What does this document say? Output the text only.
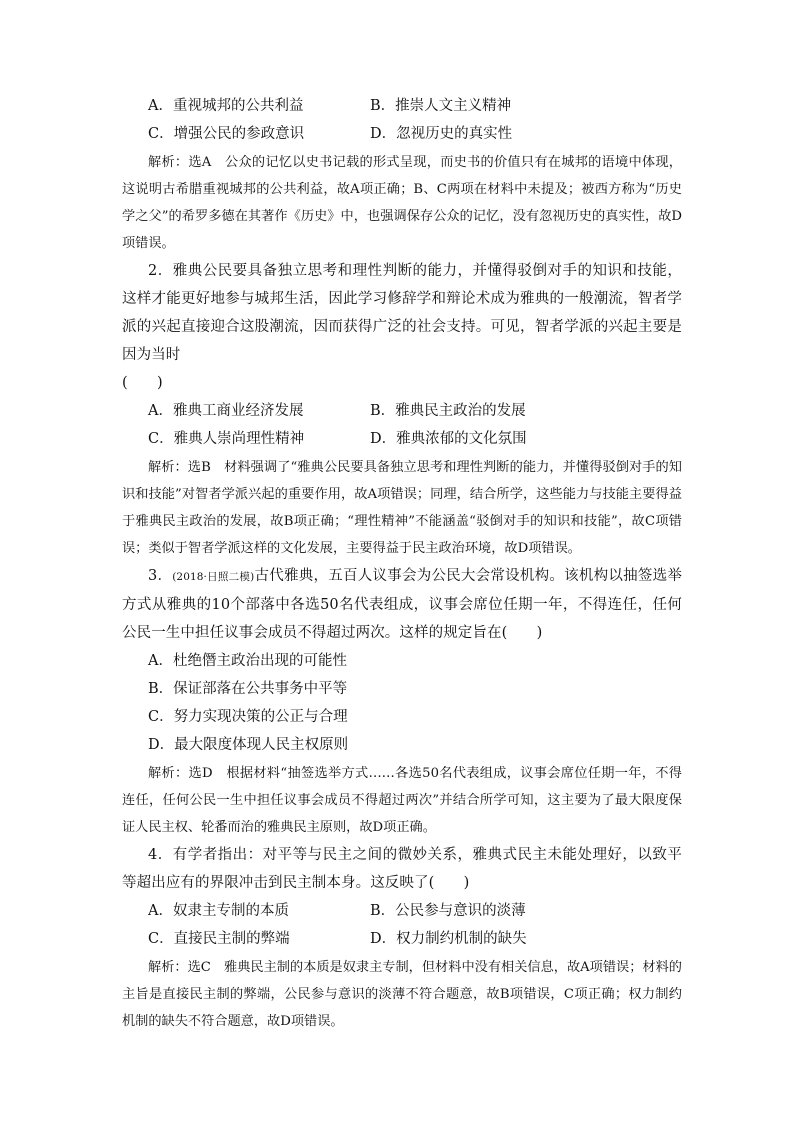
A．重视城邦的公共利益	B．推崇人文主义精神
C．增强公民的参政意识	D．忽视历史的真实性
解析：选A　公众的记忆以史书记载的形式呈现，而史书的价值只有在城邦的语境中体现，这说明古希腊重视城邦的公共利益，故A项正确；B、C两项在材料中未提及；被西方称为“历史学之父”的希罗多德在其著作《历史》中，也强调保存公众的记忆，没有忽视历史的真实性，故D项错误。
2．雅典公民要具备独立思考和理性判断的能力，并懂得驳倒对手的知识和技能，这样才能更好地参与城邦生活，因此学习修辞学和辩论术成为雅典的一般潮流，智者学派的兴起直接迎合这股潮流，因而获得广泛的社会支持。可见，智者学派的兴起主要是因为当时
(　　)
A．雅典工商业经济发展	B．雅典民主政治的发展
C．雅典人崇尚理性精神	D．雅典浓郁的文化氛围
解析：选B　材料强调了“雅典公民要具备独立思考和理性判断的能力，并懂得驳倒对手的知识和技能”对智者学派兴起的重要作用，故A项错误；同理，结合所学，这些能力与技能主要得益于雅典民主政治的发展，故B项正确；“理性精神”不能涵盖“驳倒对手的知识和技能”，故C项错误；类似于智者学派这样的文化发展，主要得益于民主政治环境，故D项错误。
3．(2018·日照二模)古代雅典，五百人议事会为公民大会常设机构。该机构以抽签选举方式从雅典的10个部落中各选50名代表组成，议事会席位任期一年，不得连任，任何公民一生中担任议事会成员不得超过两次。这样的规定旨在(　　)
A．杜绝僭主政治出现的可能性
B．保证部落在公共事务中平等
C．努力实现决策的公正与合理
D．最大限度体现人民主权原则
解析：选D　根据材料“抽签选举方式……各选50名代表组成，议事会席位任期一年，不得连任，任何公民一生中担任议事会成员不得超过两次”并结合所学可知，这主要为了最大限度保证人民主权、轮番而治的雅典民主原则，故D项正确。
4．有学者指出：对平等与民主之间的微妙关系，雅典式民主未能处理好，以致平等超出应有的界限冲击到民主制本身。这反映了(　　)
A．奴隶主专制的本质	B．公民参与意识的淡薄
C．直接民主制的弊端	D．权力制约机制的缺失
解析：选C　雅典民主制的本质是奴隶主专制，但材料中没有相关信息，故A项错误；材料的主旨是直接民主制的弊端，公民参与意识的淡薄不符合题意，故B项错误，C项正确；权力制约机制的缺失不符合题意，故D项错误。
